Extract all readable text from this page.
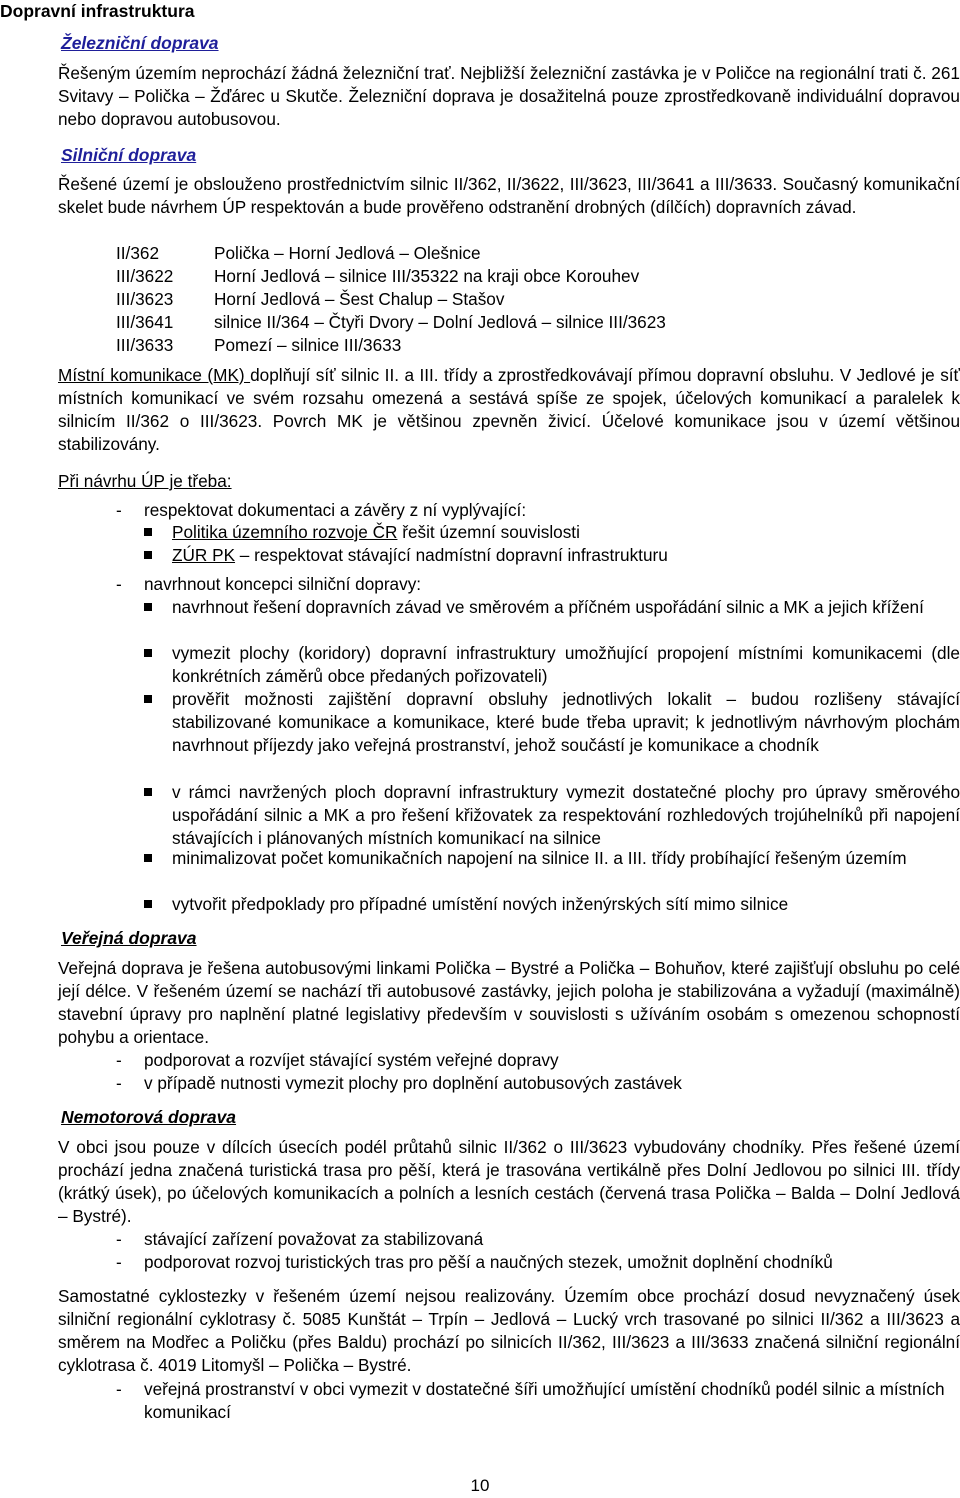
Dopravní infrastruktura
Železniční doprava
Řešeným územím neprochází žádná železniční trať. Nejbližší železniční zastávka je v Poličce na regionální trati č. 261 Svitavy – Polička – Žďárec u Skutče. Železniční doprava je dosažitelná pouze zprostředkovaně individuální dopravou nebo dopravou autobusovou.
Silniční doprava
Řešené území je obslouženo prostřednictvím silnic II/362, II/3622, III/3623, III/3641 a III/3633. Současný komunikační skelet bude návrhem ÚP respektován a bude prověřeno odstranění drobných (dílčích) dopravních závad.
II/362	Polička – Horní Jedlová – Olešnice
III/3622 Horní Jedlová – silnice III/35322 na kraji obce Korouhev
III/3623 Horní Jedlová – Šest Chalup – Stašov
III/3641 silnice II/364 – Čtyři Dvory – Dolní Jedlová – silnice III/3623
III/3633 Pomezí – silnice III/3633
Místní komunikace (MK) doplňují síť silnic II. a III. třídy a zprostředkovávají přímou dopravní obsluhu. V Jedlové je síť místních komunikací ve svém rozsahu omezená a sestává spíše ze spojek, účelových komunikací a paralelek k silnicím II/362 o III/3623. Povrch MK je většinou zpevněn živicí. Účelové komunikace jsou v území většinou stabilizovány.
Při návrhu ÚP je třeba:
- respektovat dokumentaci a závěry z ní vyplývající:
Politika územního rozvoje ČR řešit územní souvislosti
ZÚR PK – respektovat stávající nadmístní dopravní infrastrukturu
- navrhnout koncepci silniční dopravy:
navrhnout řešení dopravních závad ve směrovém a příčném uspořádání silnic a MK a jejich křížení
vymezit plochy (koridory) dopravní infrastruktury umožňující propojení místními komunikacemi (dle konkrétních záměrů obce předaných pořizovateli)
prověřit možnosti zajištění dopravní obsluhy jednotlivých lokalit – budou rozlišeny stávající stabilizované komunikace a komunikace, které bude třeba upravit; k jednotlivým návrhovým plochám navrhnout příjezdy jako veřejná prostranství, jehož součástí je komunikace a chodník
v rámci navržených ploch dopravní infrastruktury vymezit dostatečné plochy pro úpravy směrového uspořádání silnic a MK a pro řešení křižovatek za respektování rozhledových trojúhelníků při napojení stávajících i plánovaných místních komunikací na silnice
minimalizovat počet komunikačních napojení na silnice II. a III. třídy probíhající řešeným územím
vytvořit předpoklady pro případné umístění nových inženýrských sítí mimo silnice
Veřejná doprava
Veřejná doprava je řešena autobusovými linkami Polička – Bystré a Polička – Bohuňov, které zajišťují obsluhu po celé její délce. V řešeném území se nachází tři autobusové zastávky, jejich poloha je stabilizována a vyžadují (maximálně) stavební úpravy pro naplnění platné legislativy především v souvislosti s užíváním osobám s omezenou schopností pohybu a orientace.
- podporovat a rozvíjet stávající systém veřejné dopravy
- v případě nutnosti vymezit plochy pro doplnění autobusových zastávek
Nemotorová doprava
V obci jsou pouze v dílcích úsecích podél průtahů silnic II/362 o III/3623 vybudovány chodníky. Přes řešené území prochází jedna značená turistická trasa pro pěší, která je trasována vertikálně přes Dolní Jedlovou po silnici III. třídy (krátký úsek), po účelových komunikacích a polních a lesních cestách (červená trasa Polička – Balda – Dolní Jedlová – Bystré).
- stávající zařízení považovat za stabilizovaná
- podporovat rozvoj turistických tras pro pěší a naučných stezek, umožnit doplnění chodníků
Samostatné cyklostezky v řešeném území nejsou realizovány. Územím obce prochází dosud nevyznačený úsek silniční regionální cyklotrasy č. 5085 Kunštát – Trpín – Jedlová – Lucký vrch trasované po silnici II/362 a III/3623 a směrem na Modřec a Poličku (přes Baldu) prochází po silnicích II/362, III/3623 a III/3633 značená silniční regionální cyklotrasa č. 4019 Litomyšl – Polička – Bystré.
- veřejná prostranství v obci vymezit v dostatečné šíři umožňující umístění chodníků podél silnic a místních komunikací
10
